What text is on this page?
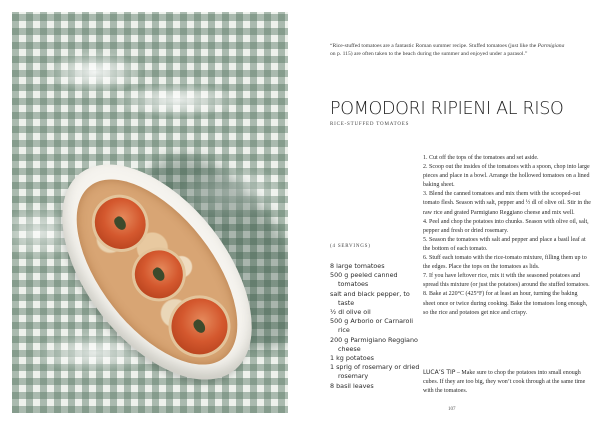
“Rice-stuffed tomatoes are a fantastic Roman summer recipe. Stuffed tomatoes (just like the Parmigiana on p. 115) are often taken to the beach during the summer and enjoyed under a parasol.”

POMODORI RIPIENI AL RISO
RICE-STUFFED TOMATOES
(4 SERVINGS)
8 large tomatoes
500 g peeled canned tomatoes
salt and black pepper, to taste
½ dl olive oil
500 g Arborio or Carnaroli rice
200 g Parmigiano Reggiano cheese
1 kg potatoes
1 sprig of rosemary or dried rosemary
8 basil leaves
1. Cut off the tops of the tomatoes and set aside.
2. Scoop out the insides of the tomatoes with a spoon, chop into large pieces and place in a bowl. Arrange the hollowed tomatoes on a lined baking sheet.
3. Blend the canned tomatoes and mix them with the scooped-out tomato flesh. Season with salt, pepper and ½ dl of olive oil. Stir in the raw rice and grated Parmigiano Reggiano cheese and mix well.
4. Peel and chop the potatoes into chunks. Season with olive oil, salt, pepper and fresh or dried rosemary.
5. Season the tomatoes with salt and pepper and place a basil leaf at the bottom of each tomato.
6. Stuff each tomato with the rice-tomato mixture, filling them up to the edges. Place the tops on the tomatoes as lids.
7. If you have leftover rice, mix it with the seasoned potatoes and spread this mixture (or just the potatoes) around the stuffed tomatoes.
8. Bake at 220°C (425°F) for at least an hour, turning the baking sheet once or twice during cooking. Bake the tomatoes long enough, so the rice and potatoes get nice and crispy.

LUCA’S TIP – Make sure to chop the potatoes into small enough cubes. If they are too big, they won’t cook through at the same time with the tomatoes.

107
